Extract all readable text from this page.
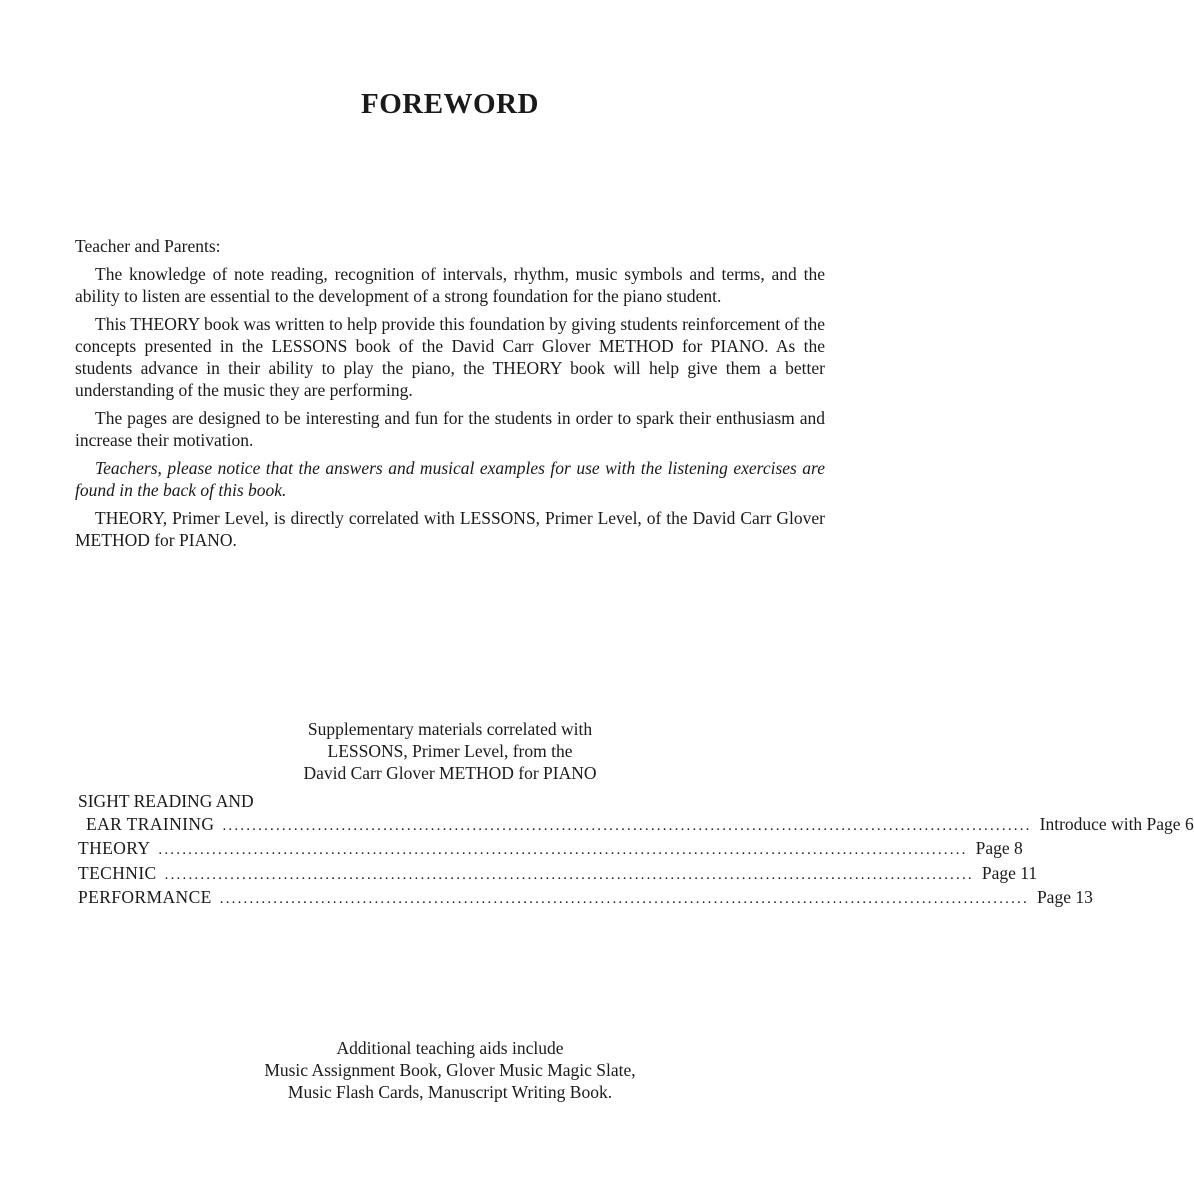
FOREWORD

Teacher and Parents:

The knowledge of note reading, recognition of intervals, rhythm, music symbols and terms, and the ability to listen are essential to the development of a strong foundation for the piano student.

This THEORY book was written to help provide this foundation by giving students reinforcement of the concepts presented in the LESSONS book of the David Carr Glover METHOD for PIANO. As the students advance in their ability to play the piano, the THEORY book will help give them a better understanding of the music they are performing.

The pages are designed to be interesting and fun for the students in order to spark their enthusiasm and increase their motivation.

Teachers, please notice that the answers and musical examples for use with the listening exercises are found in the back of this book.

THEORY, Primer Level, is directly correlated with LESSONS, Primer Level, of the David Carr Glover METHOD for PIANO.

Supplementary materials correlated with
LESSONS, Primer Level, from the
David Carr Glover METHOD for PIANO
SIGHT READING AND
EAR TRAINING ........................................................................................................................................ Introduce with Page 6
THEORY ........................................................................................................................................ Page 8
TECHNIC ........................................................................................................................................ Page 11
PERFORMANCE ........................................................................................................................................ Page 13
Additional teaching aids include
Music Assignment Book, Glover Music Magic Slate,
Music Flash Cards, Manuscript Writing Book.
